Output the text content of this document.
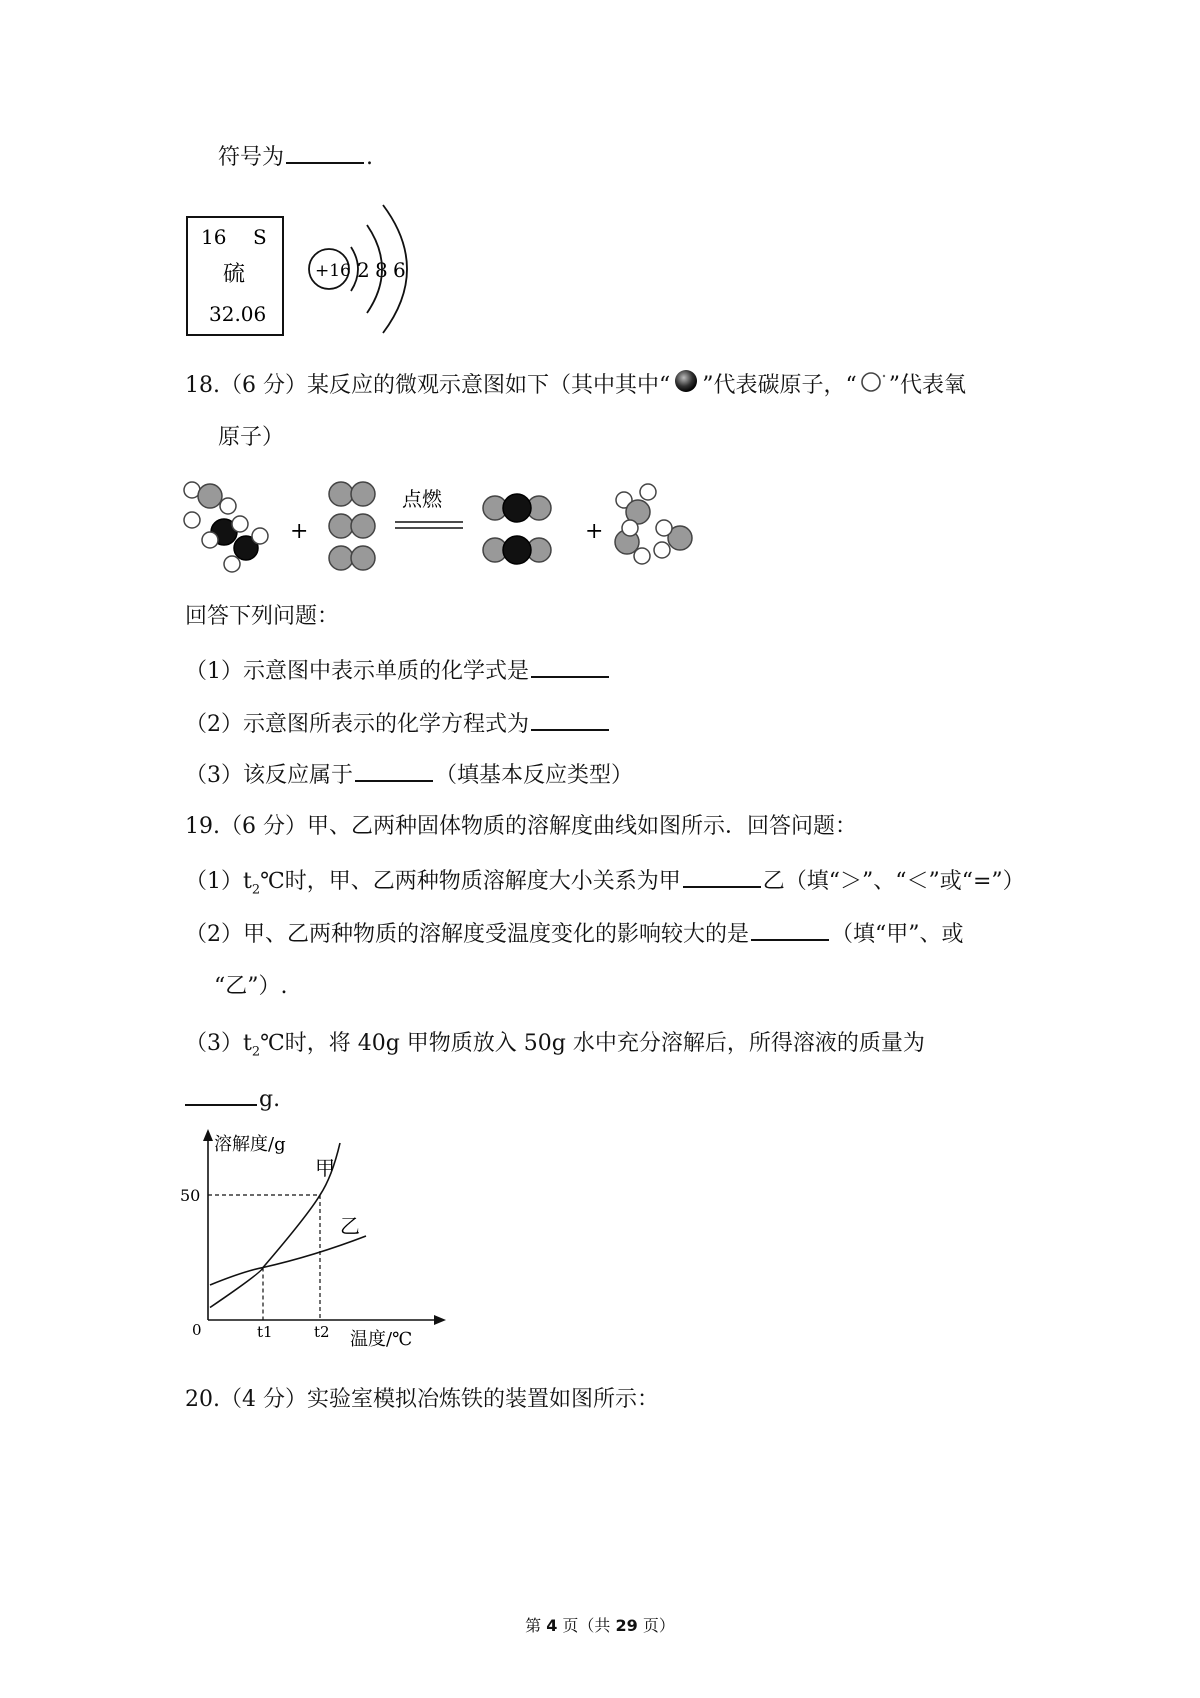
符号为	.
16 S
硫
32.06
+16 2 8 6
18.（6 分）某反应的微观示意图如下（其中其中“ ”代表碳原子，“ ”代表氧
原子）
+
点燃
+
回答下列问题：
（1）示意图中表示单质的化学式是
（2）示意图所表示的化学方程式为
（3）该反应属于	（填基本反应类型）
19.（6 分）甲、乙两种固体物质的溶解度曲线如图所示．回答问题：
$(1)t_2℃$时，甲、乙两种物质溶解度大小关系为甲	乙（填“＞”、“＜”或“=”）
（2）甲、乙两种物质的溶解度受温度变化的影响较大的是	（填“甲”、或
“乙”）.
$(3)t_2℃$时，将 40g 甲物质放入 50g 水中充分溶解后，所得溶液的质量为
g.
溶解度/g
温度/℃
0
50
t1	t2
甲
乙
20.（4 分）实验室模拟冶炼铁的装置如图所示：
第 4 页（共 29 页）
